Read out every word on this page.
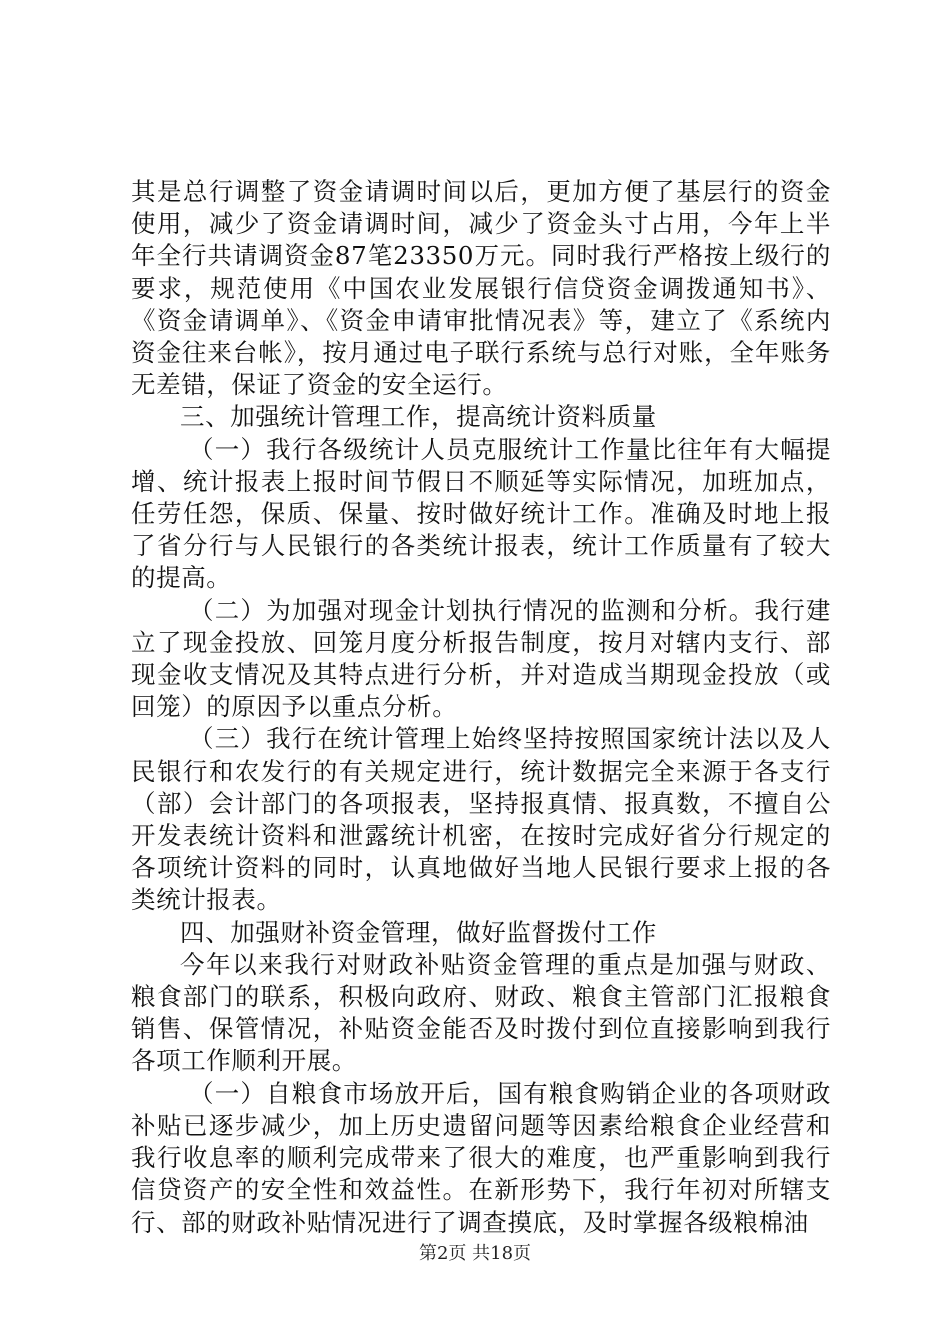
其是总行调整了资金请调时间以后，更加方便了基层行的资金使用，减少了资金请调时间，减少了资金头寸占用，今年上半年全行共请调资金87笔23350万元。同时我行严格按上级行的要求，规范使用《中国农业发展银行信贷资金调拨通知书》、《资金请调单》、《资金申请审批情况表》等，建立了《系统内资金往来台帐》，按月通过电子联行系统与总行对账，全年账务无差错，保证了资金的安全运行。

三、加强统计管理工作，提高统计资料质量

（一）我行各级统计人员克服统计工作量比往年有大幅提增、统计报表上报时间节假日不顺延等实际情况，加班加点，任劳任怨，保质、保量、按时做好统计工作。准确及时地上报了省分行与人民银行的各类统计报表，统计工作质量有了较大的提高。

（二）为加强对现金计划执行情况的监测和分析。我行建立了现金投放、回笼月度分析报告制度，按月对辖内支行、部现金收支情况及其特点进行分析，并对造成当期现金投放（或回笼）的原因予以重点分析。

（三）我行在统计管理上始终坚持按照国家统计法以及人民银行和农发行的有关规定进行，统计数据完全来源于各支行（部）会计部门的各项报表，坚持报真情、报真数，不擅自公开发表统计资料和泄露统计机密，在按时完成好省分行规定的各项统计资料的同时，认真地做好当地人民银行要求上报的各类统计报表。

四、加强财补资金管理，做好监督拨付工作

今年以来我行对财政补贴资金管理的重点是加强与财政、粮食部门的联系，积极向政府、财政、粮食主管部门汇报粮食销售、保管情况，补贴资金能否及时拨付到位直接影响到我行各项工作顺利开展。

（一）自粮食市场放开后，国有粮食购销企业的各项财政补贴已逐步减少，加上历史遗留问题等因素给粮食企业经营和我行收息率的顺利完成带来了很大的难度，也严重影响到我行信贷资产的安全性和效益性。在新形势下，我行年初对所辖支行、部的财政补贴情况进行了调查摸底，及时掌握各级粮棉油

第2页 共18页
